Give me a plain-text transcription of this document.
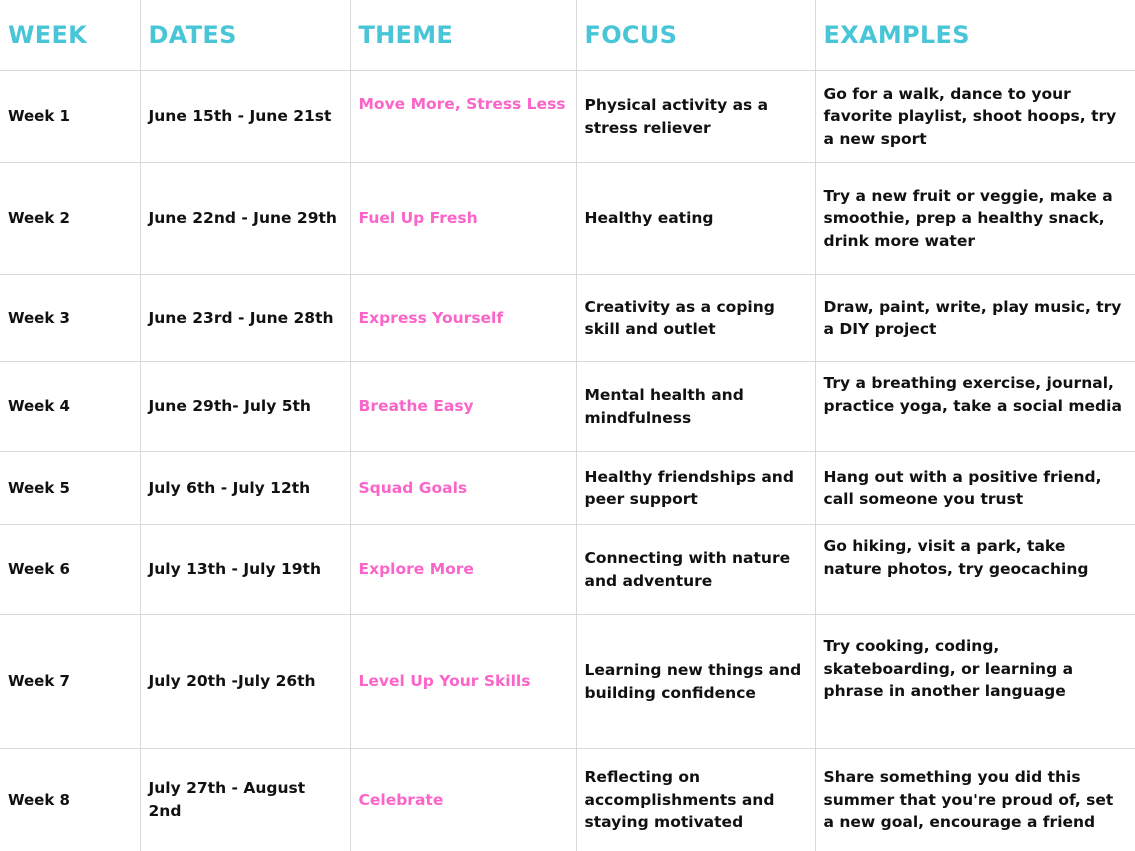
WEEK	DATES	THEME	FOCUS	EXAMPLES
Week 1	June 15th - June 21st	Move More, Stress Less	Physical activity as a stress reliever	Go for a walk, dance to your favorite playlist, shoot hoops, try a new sport
Week 2	June 22nd - June 29th	Fuel Up Fresh	Healthy eating	Try a new fruit or veggie, make a smoothie, prep a healthy snack, drink more water
Week 3	June 23rd - June 28th	Express Yourself	Creativity as a coping skill and outlet	Draw, paint, write, play music, try a DIY project
Week 4	June 29th- July 5th	Breathe Easy	Mental health and mindfulness	Try a breathing exercise, journal, practice yoga, take a social media
Week 5	July 6th - July 12th	Squad Goals	Healthy friendships and peer support	Hang out with a positive friend, call someone you trust
Week 6	July 13th - July 19th	Explore More	Connecting with nature and adventure	Go hiking, visit a park, take nature photos, try geocaching
Week 7	July 20th -July 26th	Level Up Your Skills	Learning new things and building confidence	Try cooking, coding, skateboarding, or learning a phrase in another language
Week 8	July 27th - August 2nd	Celebrate	Reflecting on accomplishments and staying motivated	Share something you did this summer that you're proud of, set a new goal, encourage a friend
